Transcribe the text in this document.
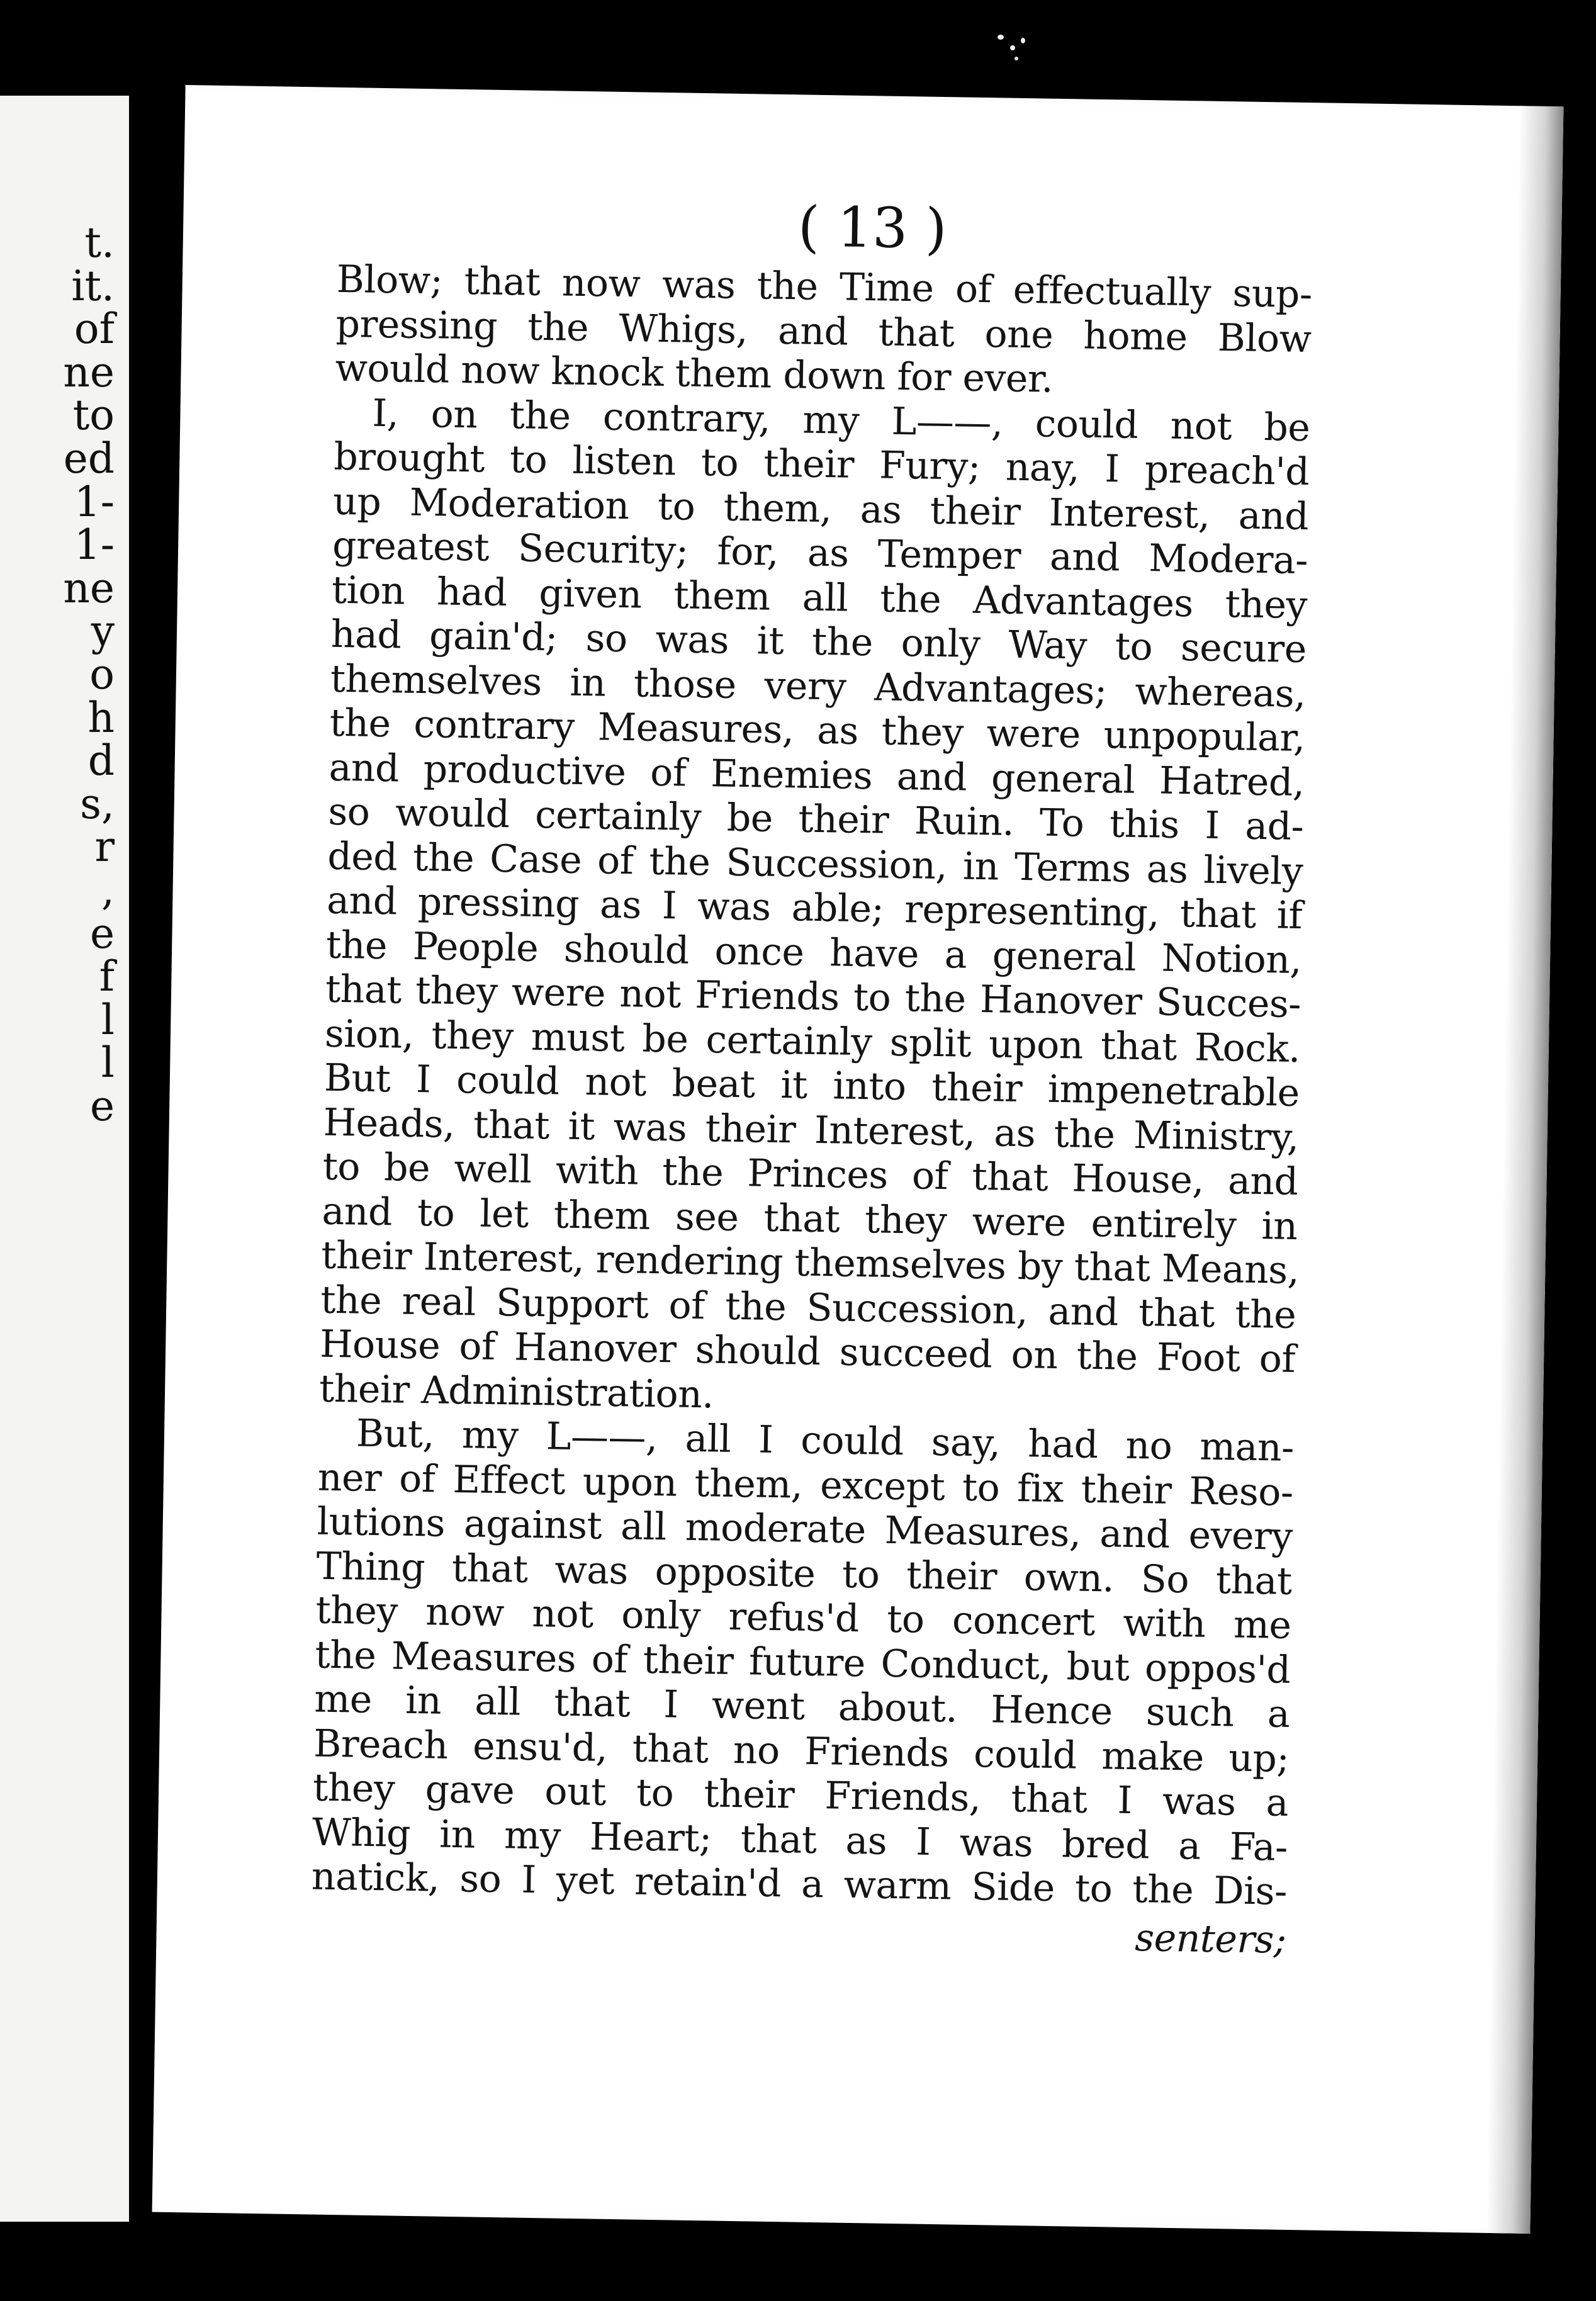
t.
it.
of
ne
to
ed
1-
1-
ne
y
o
h
d
s,
r
,
e
f
l
l
e
( 13 )
Blow; that now was the Time of effectually sup-
pressing the Whigs, and that one home Blow
would now knock them down for ever.
I, on the contrary, my L——, could not be
brought to listen to their Fury; nay, I preach'd
up Moderation to them, as their Interest, and
greatest Security; for, as Temper and Modera-
tion had given them all the Advantages they
had gain'd; so was it the only Way to secure
themselves in those very Advantages; whereas,
the contrary Measures, as they were unpopular,
and productive of Enemies and general Hatred,
so would certainly be their Ruin. To this I ad-
ded the Case of the Succession, in Terms as lively
and pressing as I was able; representing, that if
the People should once have a general Notion,
that they were not Friends to the Hanover Succes-
sion, they must be certainly split upon that Rock.
But I could not beat it into their impenetrable
Heads, that it was their Interest, as the Ministry,
to be well with the Princes of that House, and
and to let them see that they were entirely in
their Interest, rendering themselves by that Means,
the real Support of the Succession, and that the
House of Hanover should succeed on the Foot of
their Administration.
But, my L——, all I could say, had no man-
ner of Effect upon them, except to fix their Reso-
lutions against all moderate Measures, and every
Thing that was opposite to their own. So that
they now not only refus'd to concert with me
the Measures of their future Conduct, but oppos'd
me in all that I went about. Hence such a
Breach ensu'd, that no Friends could make up;
they gave out to their Friends, that I was a
Whig in my Heart; that as I was bred a Fa-
natick, so I yet retain'd a warm Side to the Dis-
senters;
